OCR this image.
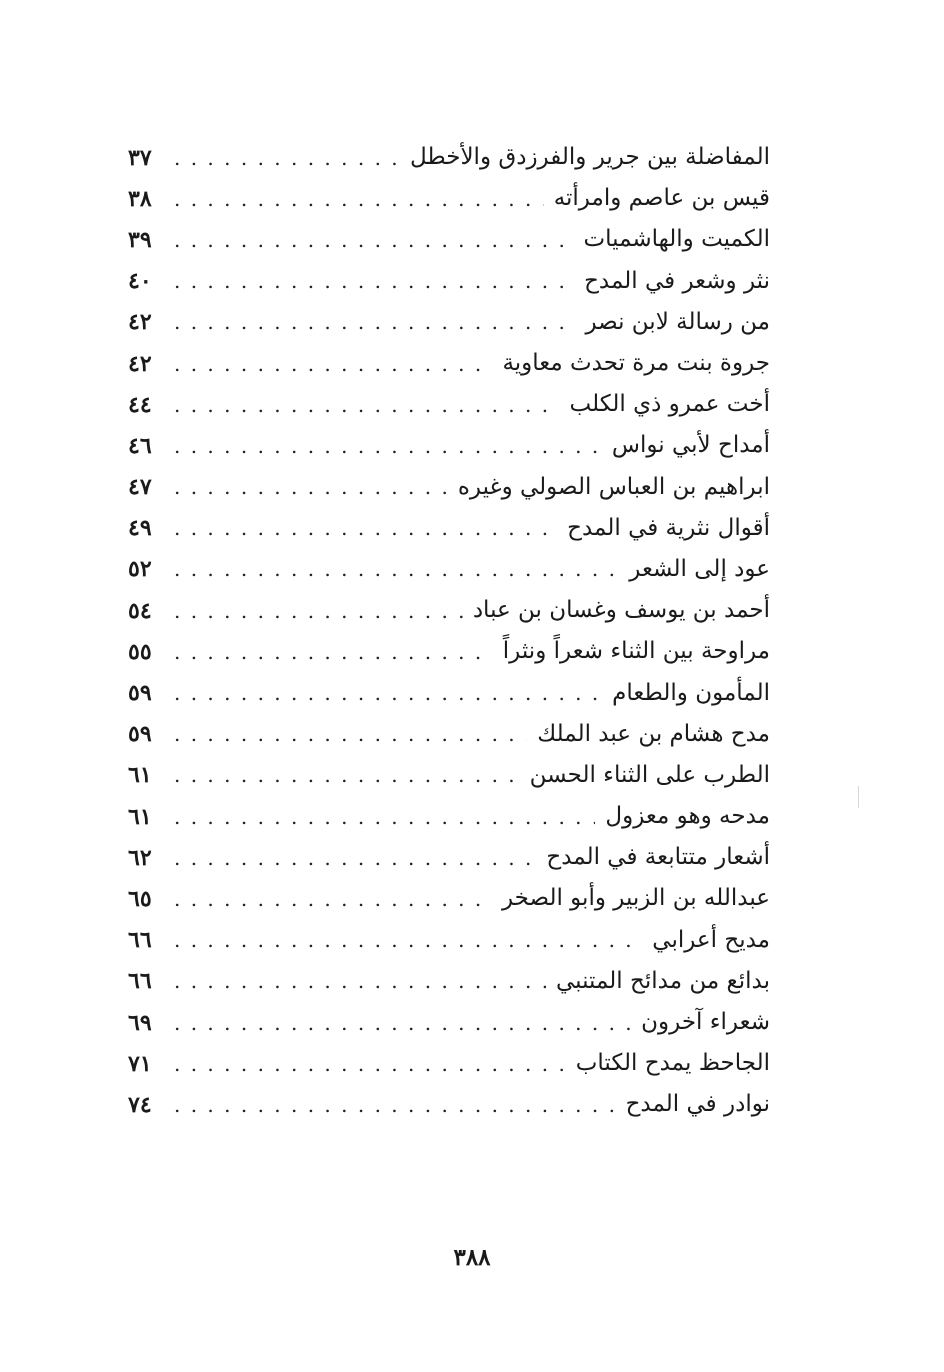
المفاضلة بين جرير والفرزدق والأخطل
. . .
٣٧
قيس بن عاصم وامرأته
. . .
٣٨
الكميت والهاشميات
. . .
٣٩
نثر وشعر في المدح
. . .
٤٠
من رسالة لابن نصر
. . .
٤٢
جروة بنت مرة تحدث معاوية
. . .
٤٢
أخت عمرو ذي الكلب
. . .
٤٤
أمداح لأبي نواس
. . .
٤٦
ابراهيم بن العباس الصولي وغيره
. . .
٤٧
أقوال نثرية في المدح
. . .
٤٩
عود إلى الشعر
. . .
٥٢
أحمد بن يوسف وغسان بن عباد
. . .
٥٤
مراوحة بين الثناء شعراً ونثراً
. . .
٥٥
المأمون والطعام
. . .
٥٩
مدح هشام بن عبد الملك
. . .
٥٩
الطرب على الثناء الحسن
. . .
٦١
مدحه وهو معزول
. . .
٦١
أشعار متتابعة في المدح
. . .
٦٢
عبدالله بن الزبير وأبو الصخر
. . .
٦٥
مديح أعرابي
. . .
٦٦
بدائع من مدائح المتنبي
. . .
٦٦
شعراء آخرون
. . .
٦٩
الجاحظ يمدح الكتاب
. . .
٧١
نوادر في المدح
. . .
٧٤
٣٨٨
